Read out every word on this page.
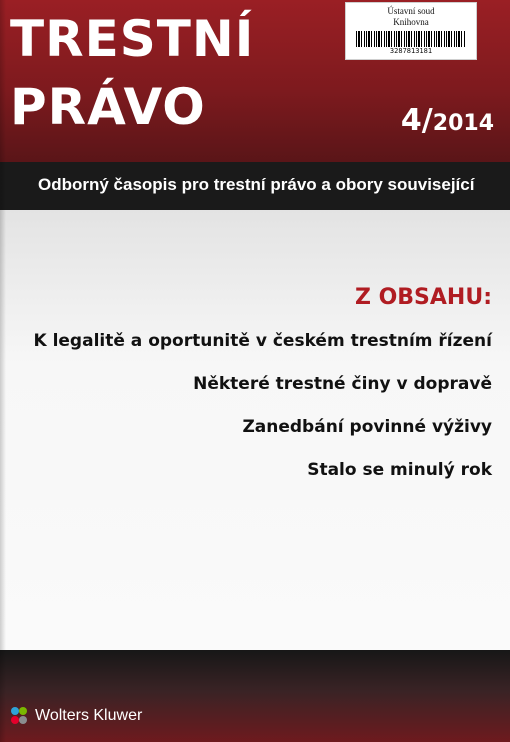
TRESTNÍ
PRÁVO	4/2014
Ústavní soud
Knihovna
3287813181
Odborný časopis pro trestní právo a obory související
Z OBSAHU:
K legalitě a oportunitě v českém trestním řízení
Některé trestné činy v dopravě
Zanedbání povinné výživy
Stalo se minulý rok
Wolters Kluwer
